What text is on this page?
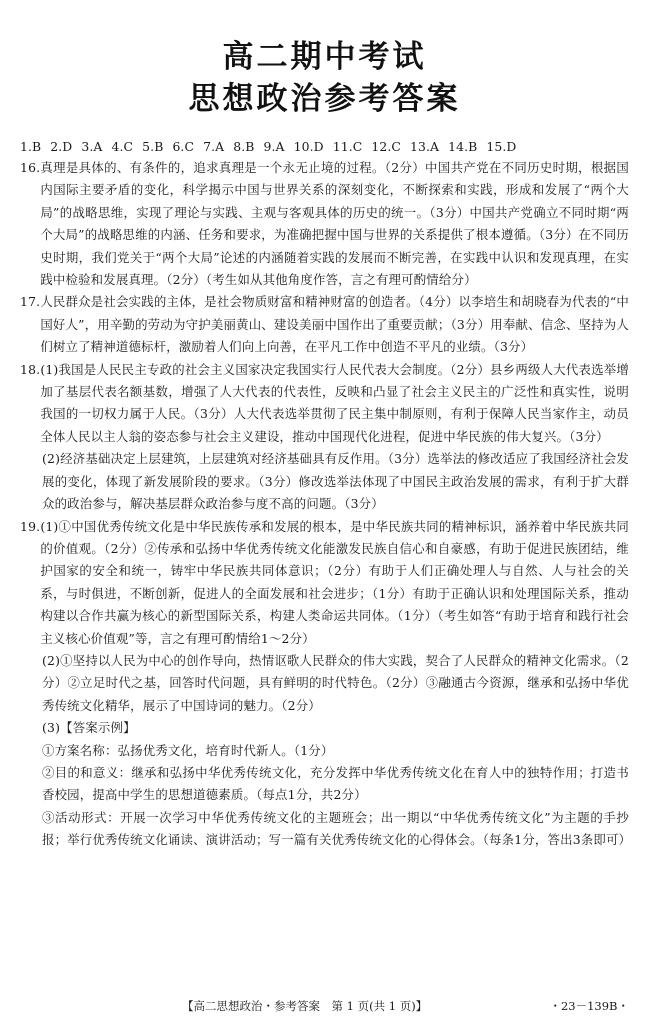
高二期中考试
思想政治参考答案
1.B 2.D 3.A 4.C 5.B 6.C 7.A 8.B 9.A 10.D 11.C 12.C 13.A 14.B 15.D
16. 真理是具体的、有条件的，追求真理是一个永无止境的过程。（2分）中国共产党在不同历史时期，根据国内国际主要矛盾的变化，科学揭示中国与世界关系的深刻变化，不断探索和实践，形成和发展了“两个大局”的战略思维，实现了理论与实践、主观与客观具体的历史的统一。（3分）中国共产党确立不同时期“两个大局”的战略思维的内涵、任务和要求，为准确把握中国与世界的关系提供了根本遵循。（3分）在不同历史时期，我们党关于“两个大局”论述的内涵随着实践的发展而不断完善，在实践中认识和发现真理，在实践中检验和发展真理。（2分）（考生如从其他角度作答，言之有理可酌情给分）
17. 人民群众是社会实践的主体，是社会物质财富和精神财富的创造者。（4分）以李培生和胡晓春为代表的“中国好人”，用辛勤的劳动为守护美丽黄山、建设美丽中国作出了重要贡献；（3分）用奉献、信念、坚持为人们树立了精神道德标杆，激励着人们向上向善，在平凡工作中创造不平凡的业绩。（3分）
18. (1)我国是人民民主专政的社会主义国家决定我国实行人民代表大会制度。（2分）县乡两级人大代表选举增加了基层代表名额基数，增强了人大代表的代表性，反映和凸显了社会主义民主的广泛性和真实性，说明我国的一切权力属于人民。（3分）人大代表选举贯彻了民主集中制原则，有利于保障人民当家作主，动员全体人民以主人翁的姿态参与社会主义建设，推动中国现代化进程，促进中华民族的伟大复兴。（3分）
(2)经济基础决定上层建筑，上层建筑对经济基础具有反作用。（3分）选举法的修改适应了我国经济社会发展的变化，体现了新发展阶段的要求。（3分）修改选举法体现了中国民主政治发展的需求，有利于扩大群众的政治参与，解决基层群众政治参与度不高的问题。（3分）
19. (1)①中国优秀传统文化是中华民族传承和发展的根本，是中华民族共同的精神标识，涵养着中华民族共同的价值观。（2分）②传承和弘扬中华优秀传统文化能激发民族自信心和自豪感，有助于促进民族团结，维护国家的安全和统一，铸牢中华民族共同体意识；（2分）有助于人们正确处理人与自然、人与社会的关系，与时俱进，不断创新，促进人的全面发展和社会进步；（1分）有助于正确认识和处理国际关系，推动构建以合作共赢为核心的新型国际关系，构建人类命运共同体。（1分）（考生如答“有助于培育和践行社会主义核心价值观”等，言之有理可酌情给1～2分）
(2)①坚持以人民为中心的创作导向，热情讴歌人民群众的伟大实践，契合了人民群众的精神文化需求。（2分）②立足时代之基，回答时代问题，具有鲜明的时代特色。（2分）③融通古今资源，继承和弘扬中华优秀传统文化精华，展示了中国诗词的魅力。（2分）
(3)【答案示例】
①方案名称：弘扬优秀文化，培育时代新人。（1分）
②目的和意义：继承和弘扬中华优秀传统文化，充分发挥中华优秀传统文化在育人中的独特作用；打造书香校园，提高中学生的思想道德素质。（每点1分，共2分）
③活动形式：开展一次学习中华优秀传统文化的主题班会；出一期以“中华优秀传统文化”为主题的手抄报；举行优秀传统文化诵读、演讲活动；写一篇有关优秀传统文化的心得体会。（每条1分，答出3条即可）
【高二思想政治・参考答案　第 1 页(共 1 页)】	・23－139B・
